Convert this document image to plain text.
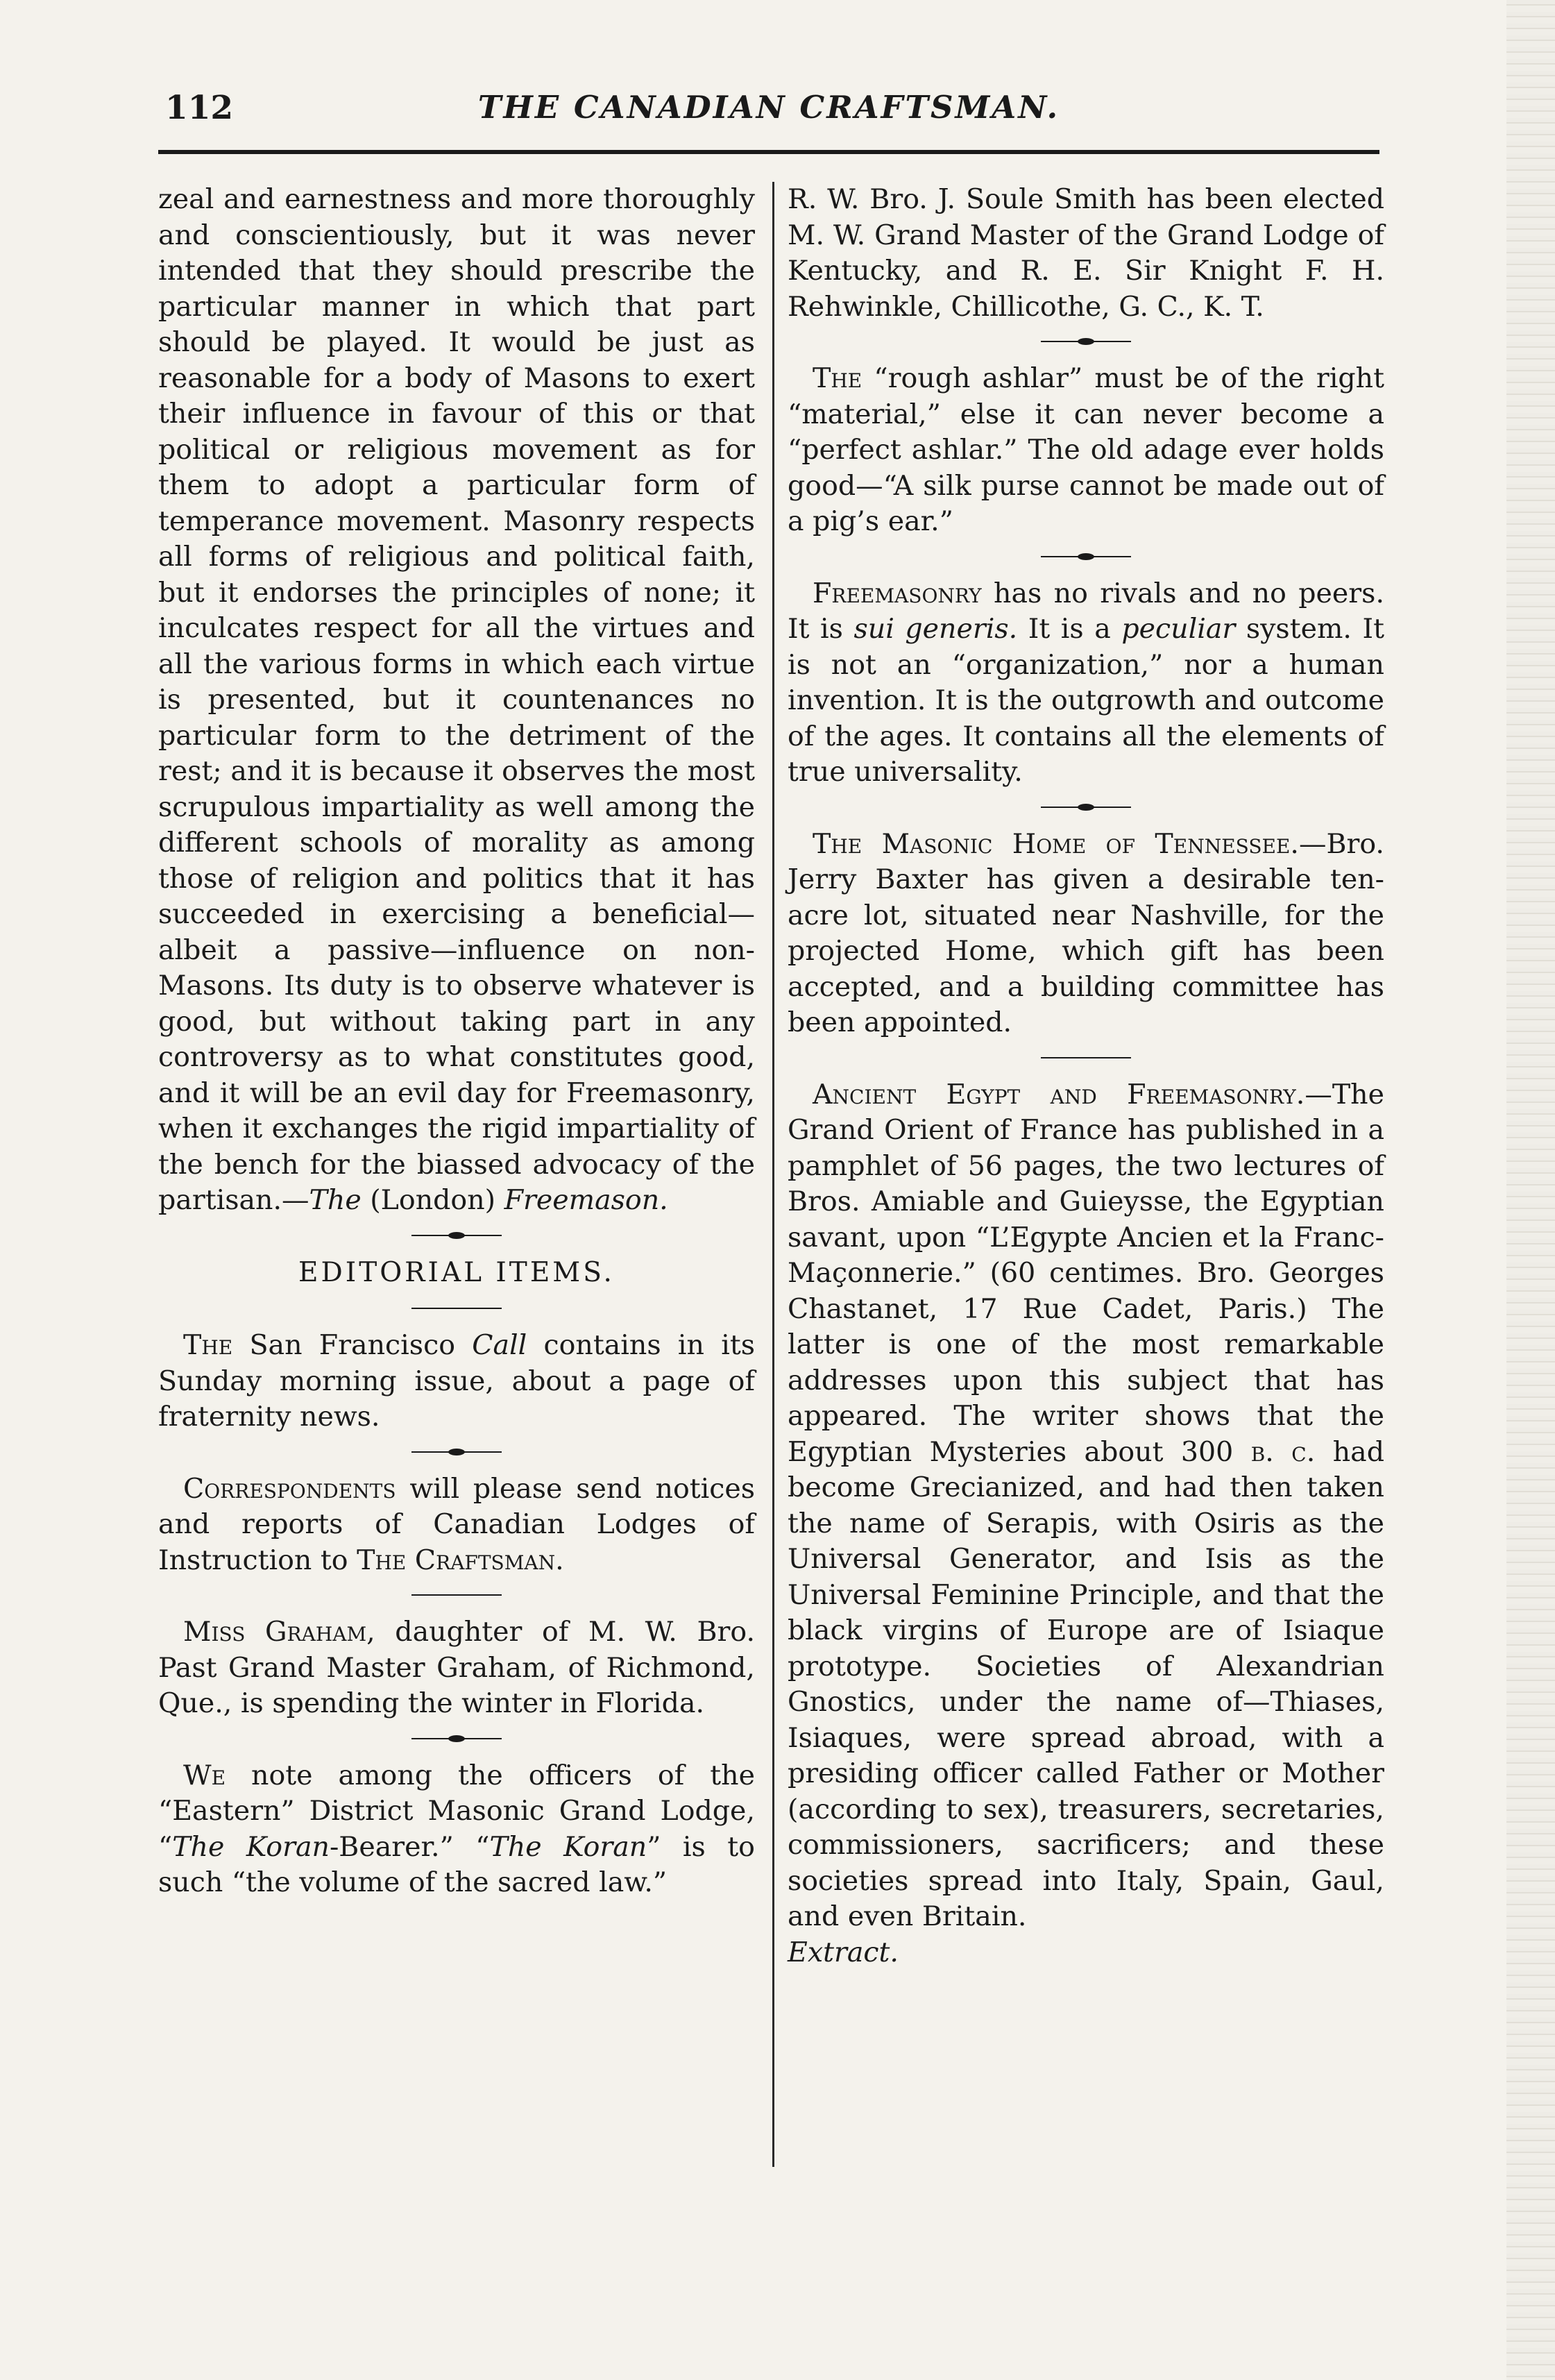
112	THE CANADIAN CRAFTSMAN.

zeal and earnestness and more thoroughly and conscientiously, but it was never intended that they should prescribe the particular manner in which that part should be played. It would be just as reasonable for a body of Masons to exert their influence in favour of this or that political or religious movement as for them to adopt a particular form of temperance movement. Masonry respects all forms of religious and political faith, but it endorses the principles of none; it inculcates respect for all the virtues and all the various forms in which each virtue is presented, but it countenances no particular form to the detriment of the rest; and it is because it observes the most scrupulous impartiality as well among the different schools of morality as among those of religion and politics that it has succeeded in exercising a beneficial—albeit a passive—influence on non-Masons. Its duty is to observe whatever is good, but without taking part in any controversy as to what constitutes good, and it will be an evil day for Freemasonry, when it exchanges the rigid impartiality of the bench for the biassed advocacy of the partisan.—The (London) Freemason.

EDITORIAL ITEMS.

The San Francisco Call contains in its Sunday morning issue, about a page of fraternity news.

Correspondents will please send notices and reports of Canadian Lodges of Instruction to The Craftsman.

Miss Graham, daughter of M. W. Bro. Past Grand Master Graham, of Richmond, Que., is spending the winter in Florida.

We note among the officers of the “Eastern” District Masonic Grand Lodge, “The Koran-Bearer.” “The Koran” is to such “the volume of the sacred law.”

R. W. Bro. J. Soule Smith has been elected M. W. Grand Master of the Grand Lodge of Kentucky, and R. E. Sir Knight F. H. Rehwinkle, Chillicothe, G. C., K. T.

The “rough ashlar” must be of the right “material,” else it can never become a “perfect ashlar.” The old adage ever holds good—“A silk purse cannot be made out of a pig’s ear.”

Freemasonry has no rivals and no peers. It is sui generis. It is a peculiar system. It is not an “organization,” nor a human invention. It is the outgrowth and outcome of the ages. It contains all the elements of true universality.

The Masonic Home of Tennessee.—Bro. Jerry Baxter has given a desirable ten-acre lot, situated near Nashville, for the projected Home, which gift has been accepted, and a building committee has been appointed.

Ancient Egypt and Freemasonry.—The Grand Orient of France has published in a pamphlet of 56 pages, the two lectures of Bros. Amiable and Guieysse, the Egyptian savant, upon “L’Egypte Ancien et la Franc-Maçonnerie.” (60 centimes. Bro. Georges Chastanet, 17 Rue Cadet, Paris.) The latter is one of the most remarkable addresses upon this subject that has appeared. The writer shows that the Egyptian Mysteries about 300 b. c. had become Grecianized, and had then taken the name of Serapis, with Osiris as the Universal Generator, and Isis as the Universal Feminine Principle, and that the black virgins of Europe are of Isiaque prototype. Societies of Alexandrian Gnostics, under the name of—Thiases, Isiaques, were spread abroad, with a presiding officer called Father or Mother (according to sex), treasurers, secretaries, commissioners, sacrificers; and these societies spread into Italy, Spain, Gaul, and even Britain.
Extract.
